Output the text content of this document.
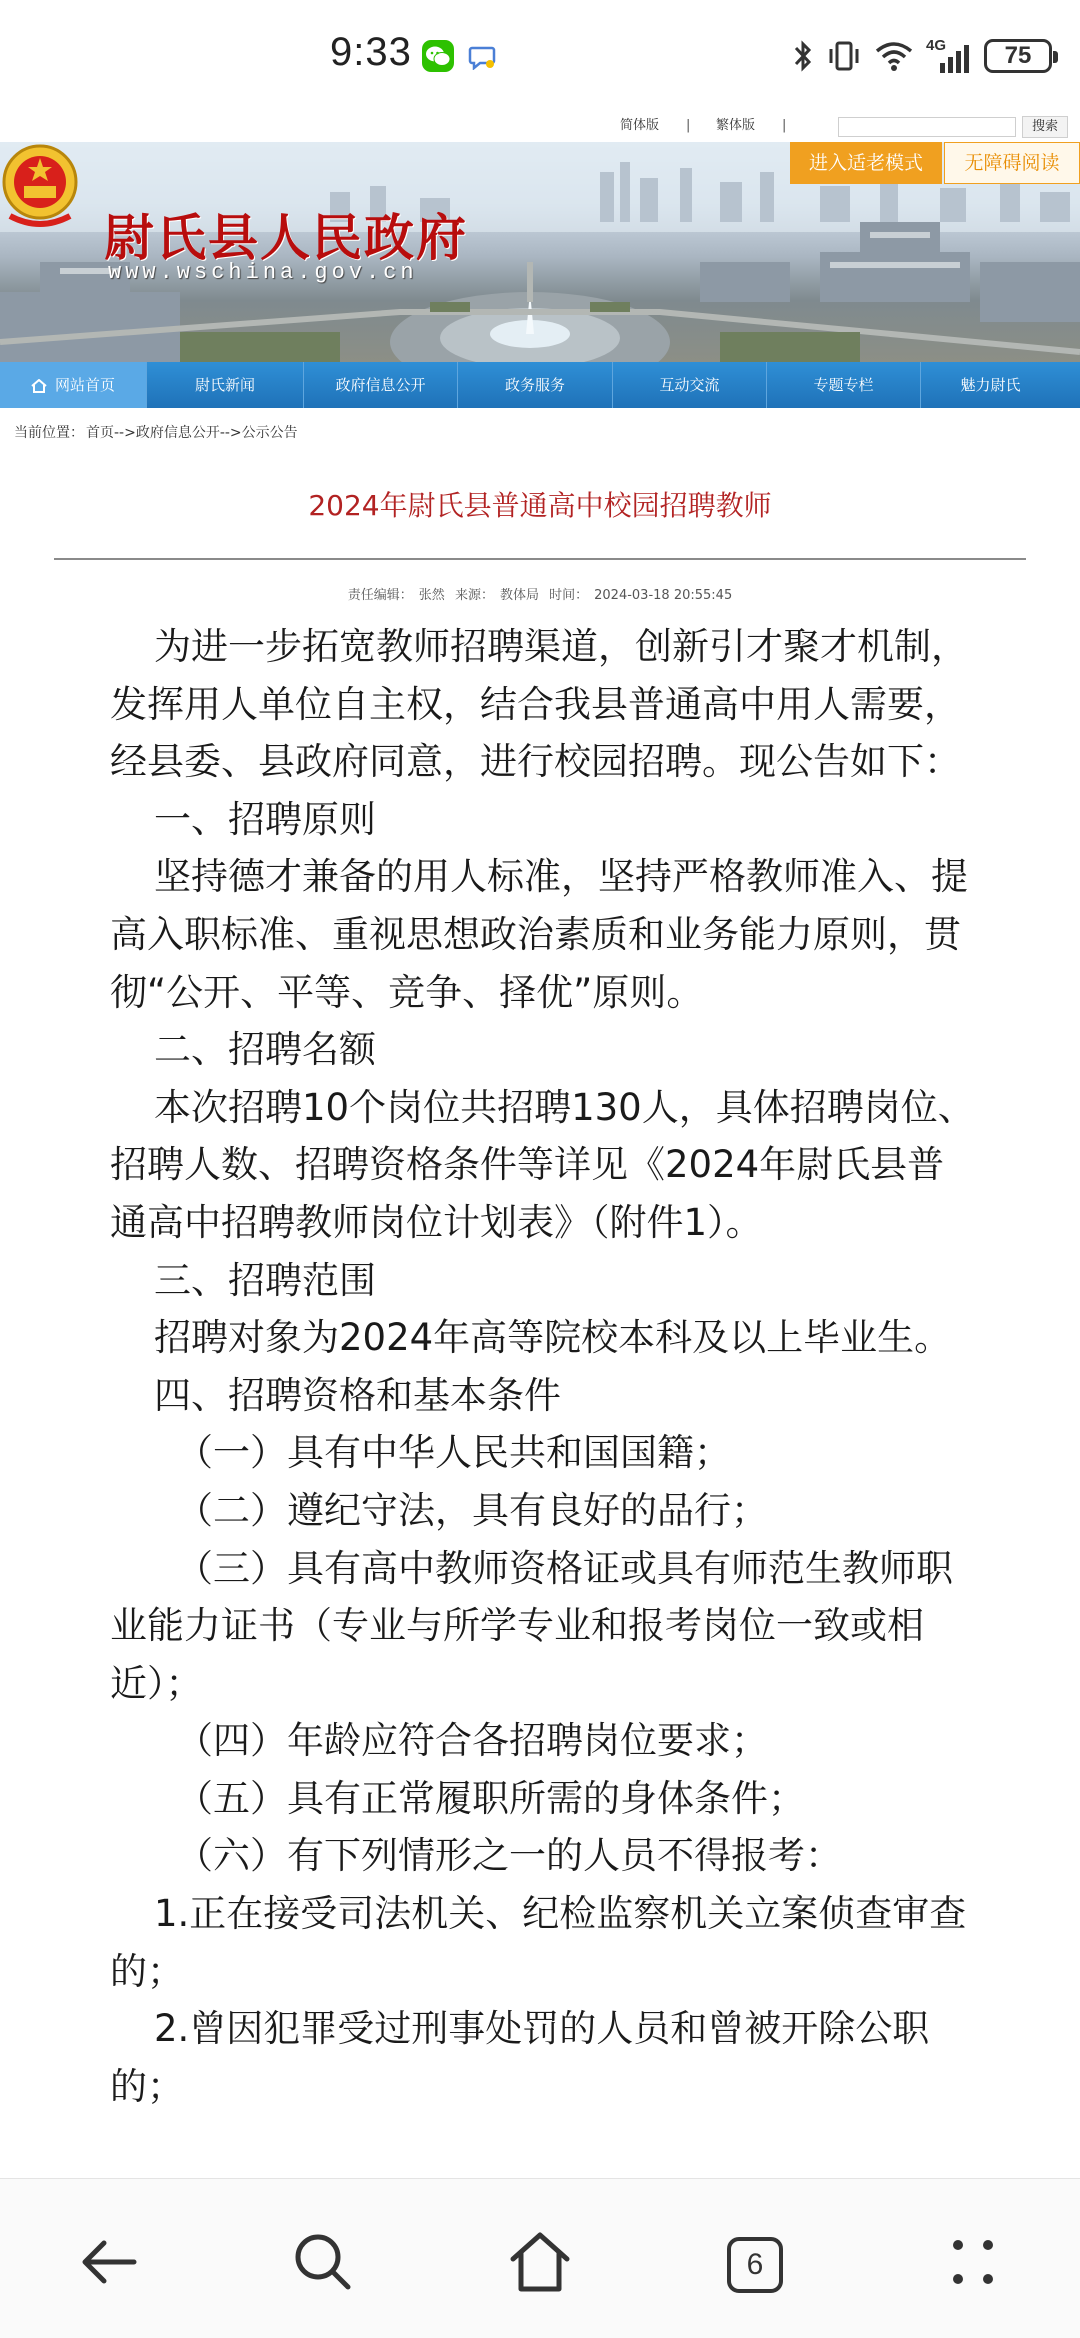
9:33	4G	75
简体版 | 繁体版 |	搜索
尉氏县人民政府
www.wschina.gov.cn
进入适老模式	无障碍阅读
网站首页	尉氏新闻	政府信息公开	政务服务	互动交流	专题专栏	魅力尉氏
当前位置： 首页-->政府信息公开-->公示公告
2024年尉氏县普通高中校园招聘教师
责任编辑： 张然 来源： 教体局 时间： 2024-03-18 20:55:45

为进一步拓宽教师招聘渠道，创新引才聚才机制，发挥用人单位自主权，结合我县普通高中用人需要，经县委、县政府同意，进行校园招聘。现公告如下：

一、招聘原则

坚持德才兼备的用人标准，坚持严格教师准入、提高入职标准、重视思想政治素质和业务能力原则，贯彻“公开、平等、竞争、择优”原则。

二、招聘名额

本次招聘10个岗位共招聘130人，具体招聘岗位、招聘人数、招聘资格条件等详见《2024年尉氏县普通高中招聘教师岗位计划表》（附件1）。

三、招聘范围

招聘对象为2024年高等院校本科及以上毕业生。

四、招聘资格和基本条件

（一）具有中华人民共和国国籍；

（二）遵纪守法，具有良好的品行；

（三）具有高中教师资格证或具有师范生教师职业能力证书（专业与所学专业和报考岗位一致或相近）；

（四）年龄应符合各招聘岗位要求；

（五）具有正常履职所需的身体条件；

（六）有下列情形之一的人员不得报考：

1.正在接受司法机关、纪检监察机关立案侦查审查的；

2.曾因犯罪受过刑事处罚的人员和曾被开除公职的；

6
